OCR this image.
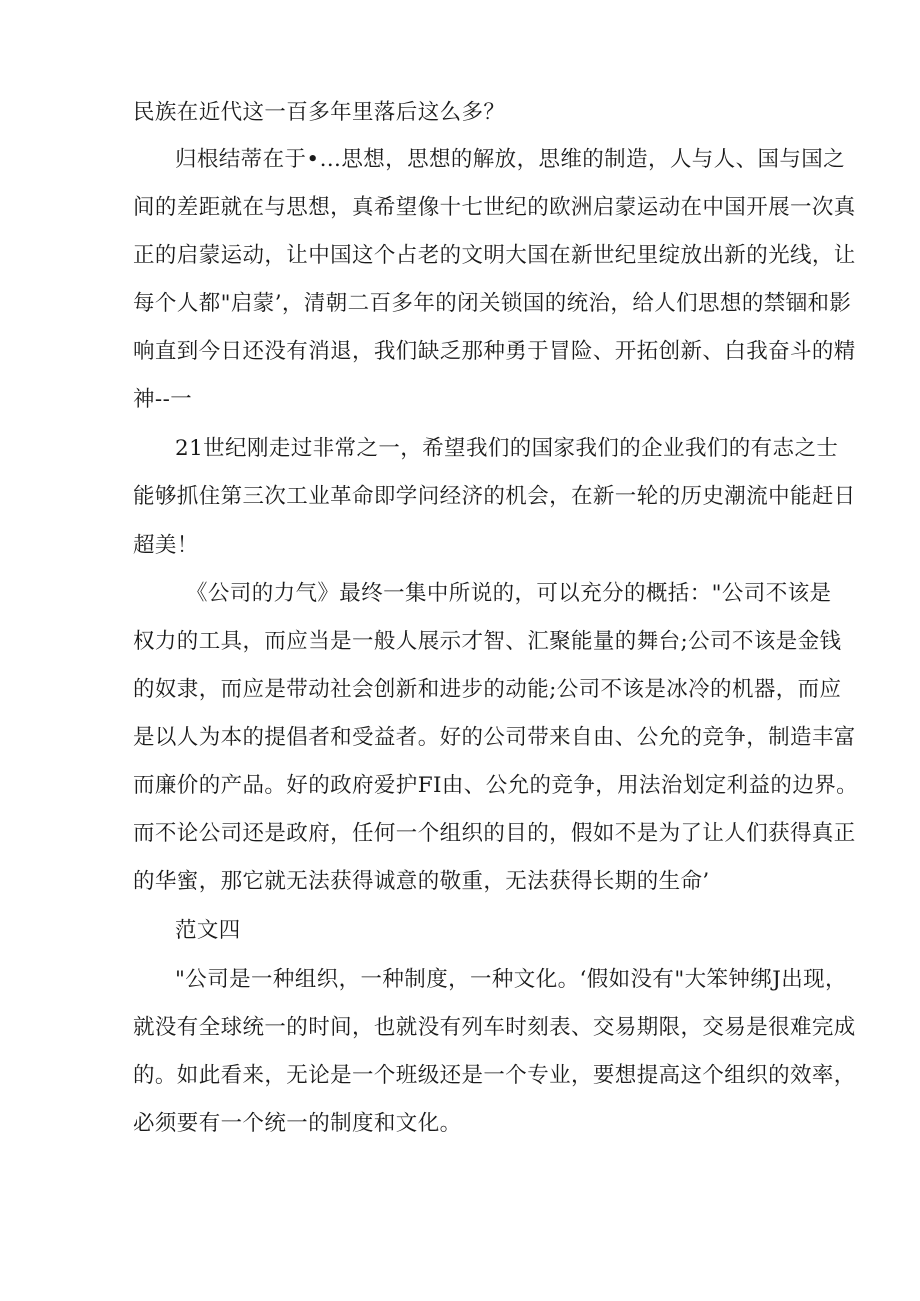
民族在近代这一百多年里落后这么多？
归根结蒂在于•…思想，思想的解放，思维的制造，人与人、国与国之
间的差距就在与思想，真希望像十七世纪的欧洲启蒙运动在中国开展一次真
正的启蒙运动，让中国这个占老的文明大国在新世纪里绽放出新的光线，让
每个人都"启蒙’，清朝二百多年的闭关锁国的统治，给人们思想的禁锢和影
响直到今日还没有消退，我们缺乏那种勇于冒险、开拓创新、白我奋斗的精
神--一
21世纪刚走过非常之一，希望我们的国家我们的企业我们的有志之士
能够抓住第三次工业革命即学问经济的机会，在新一轮的历史潮流中能赶日
超美！
《公司的力气》最终一集中所说的，可以充分的概括："公司不该是
权力的工具，而应当是一般人展示才智、汇聚能量的舞台;公司不该是金钱
的奴隶，而应是带动社会创新和进步的动能;公司不该是冰冷的机器，而应
是以人为本的提倡者和受益者。好的公司带来自由、公允的竞争，制造丰富
而廉价的产品。好的政府爱护FI由、公允的竞争，用法治划定利益的边界。
而不论公司还是政府，任何一个组织的目的，假如不是为了让人们获得真正
的华蜜，那它就无法获得诚意的敬重，无法获得长期的生命’
范文四
"公司是一种组织，一种制度，一种文化。‘假如没有"大笨钟绑J出现，
就没有全球统一的时间，也就没有列车时刻表、交易期限，交易是很难完成
的。如此看来，无论是一个班级还是一个专业，要想提高这个组织的效率，
必须要有一个统一的制度和文化。
